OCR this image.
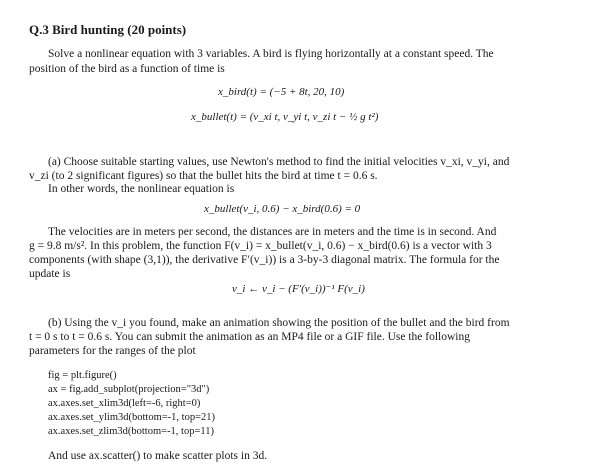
Q.3 Bird hunting (20 points)
Solve a nonlinear equation with 3 variables. A bird is flying horizontally at a constant speed. The
position of the bird as a function of time is
x_bird(t) = (−5 + 8t, 20, 10)
x_bullet(t) = (v_xi t, v_yi t, v_zi t − ½ g t²)
(a) Choose suitable starting values, use Newton's method to find the initial velocities v_xi, v_yi, and
v_zi (to 2 significant figures) so that the bullet hits the bird at time t = 0.6 s.
In other words, the nonlinear equation is
x_bullet(v_i, 0.6) − x_bird(0.6) = 0
The velocities are in meters per second, the distances are in meters and the time is in second. And
g = 9.8 m/s². In this problem, the function F(v_i) = x_bullet(v_i, 0.6) − x_bird(0.6) is a vector with 3
components (with shape (3,1)), the derivative F′(v_i)) is a 3-by-3 diagonal matrix. The formula for the
update is
v_i ← v_i − (F′(v_i))⁻¹ F(v_i)
(b) Using the v_i you found, make an animation showing the position of the bullet and the bird from
t = 0 s to t = 0.6 s. You can submit the animation as an MP4 file or a GIF file. Use the following
parameters for the ranges of the plot
fig = plt.figure()
ax = fig.add_subplot(projection="3d")
ax.axes.set_xlim3d(left=-6, right=0)
ax.axes.set_ylim3d(bottom=-1, top=21)
ax.axes.set_zlim3d(bottom=-1, top=11)
And use ax.scatter() to make scatter plots in 3d.
